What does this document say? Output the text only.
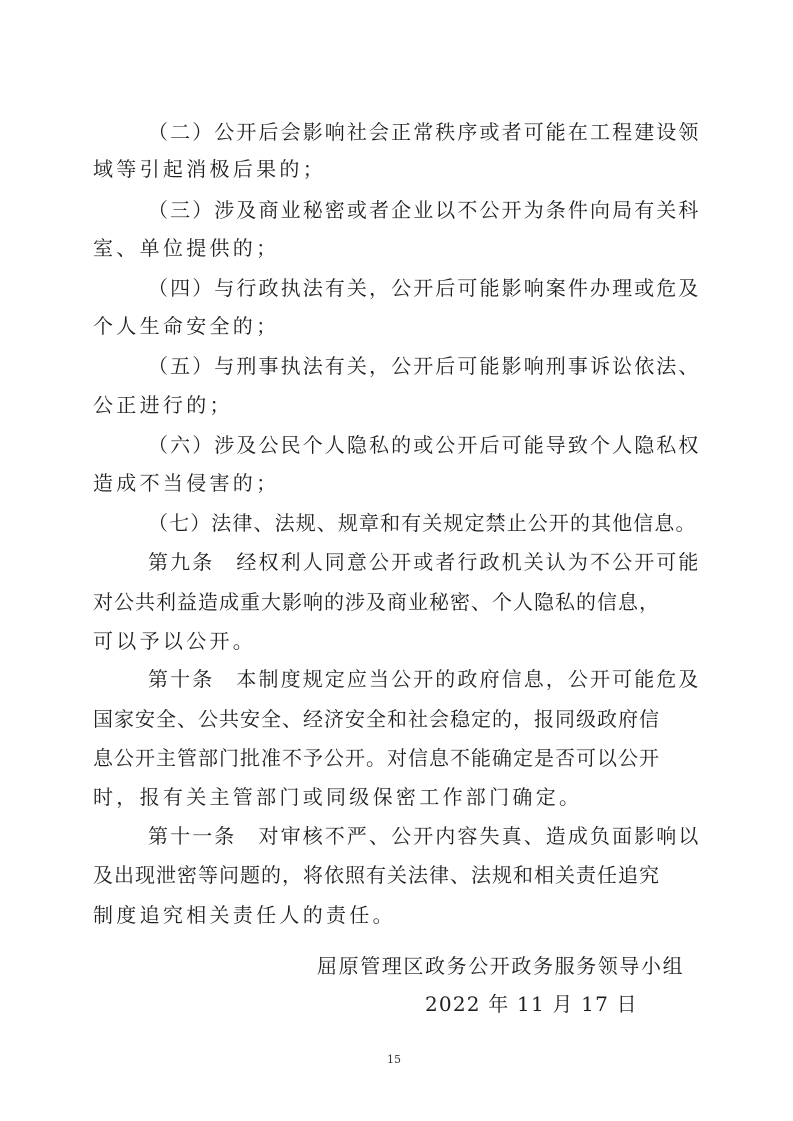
（二）公开后会影响社会正常秩序或者可能在工程建设领
域等引起消极后果的；
（三）涉及商业秘密或者企业以不公开为条件向局有关科
室、单位提供的；
（四）与行政执法有关，公开后可能影响案件办理或危及
个人生命安全的；
（五）与刑事执法有关，公开后可能影响刑事诉讼依法、
公正进行的；
（六）涉及公民个人隐私的或公开后可能导致个人隐私权
造成不当侵害的；
（七）法律、法规、规章和有关规定禁止公开的其他信息。
第九条　经权利人同意公开或者行政机关认为不公开可能
对公共利益造成重大影响的涉及商业秘密、个人隐私的信息，
可以予以公开。
第十条　本制度规定应当公开的政府信息，公开可能危及
国家安全、公共安全、经济安全和社会稳定的，报同级政府信
息公开主管部门批准不予公开。对信息不能确定是否可以公开
时，报有关主管部门或同级保密工作部门确定。
第十一条　对审核不严、公开内容失真、造成负面影响以
及出现泄密等问题的，将依照有关法律、法规和相关责任追究
制度追究相关责任人的责任。
屈原管理区政务公开政务服务领导小组
2022 年 11 月 17 日
15
